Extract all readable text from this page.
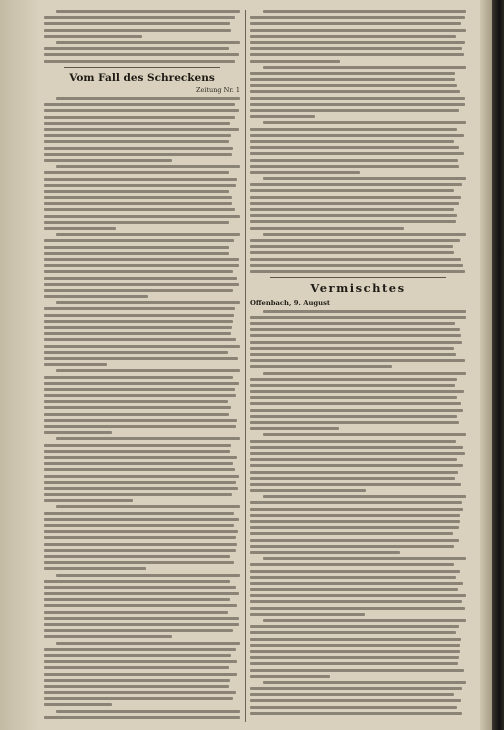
Vom Fall des Schreckens
Zeitung Nr. 1
Vermischtes
Offenbach, 9. August
